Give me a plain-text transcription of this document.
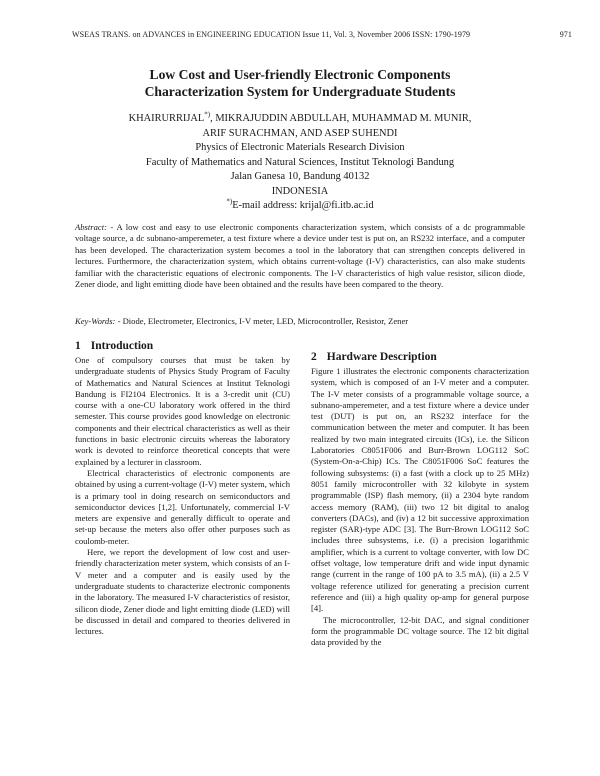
WSEAS TRANS. on ADVANCES in ENGINEERING EDUCATION Issue 11, Vol. 3, November 2006 ISSN: 1790-1979	971
Low Cost and User-friendly Electronic Components
Characterization System for Undergraduate Students
KHAIRURRIJAL*), MIKRAJUDDIN ABDULLAH, MUHAMMAD M. MUNIR,
ARIF SURACHMAN, AND ASEP SUHENDI
Physics of Electronic Materials Research Division
Faculty of Mathematics and Natural Sciences, Institut Teknologi Bandung
Jalan Ganesa 10, Bandung 40132
INDONESIA
*)E-mail address: krijal@fi.itb.ac.id
Abstract: - A low cost and easy to use electronic components characterization system, which consists of a dc programmable voltage source, a dc subnano-amperemeter, a test fixture where a device under test is put on, an RS232 interface, and a computer has been developed. The characterization system becomes a tool in the laboratory that can strengthen concepts delivered in lectures. Furthermore, the characterization system, which obtains current-voltage (I-V) characteristics, can also make students familiar with the characteristic equations of electronic components. The I-V characteristics of high value resistor, silicon diode, Zener diode, and light emitting diode have been obtained and the results have been compared to the theory.
Key-Words: - Diode, Electrometer, Electronics, I-V meter, LED, Microcontroller, Resistor, Zener
1 Introduction

One of compulsory courses that must be taken by undergraduate students of Physics Study Program of Faculty of Mathematics and Natural Sciences at Institut Teknologi Bandung is FI2104 Electronics. It is a 3-credit unit (CU) course with a one-CU laboratory work offered in the third semester. This course provides good knowledge on electronic components and their electrical characteristics as well as their functions in basic electronic circuits whereas the laboratory work is devoted to reinforce theoretical concepts that were explained by a lecturer in classroom.

Electrical characteristics of electronic components are obtained by using a current-voltage (I-V) meter system, which is a primary tool in doing research on semiconductors and semiconductor devices [1,2]. Unfortunately, commercial I-V meters are expensive and generally difficult to operate and set-up because the meters also offer other purposes such as coulomb-meter.

Here, we report the development of low cost and user-friendly characterization meter system, which consists of an I-V meter and a computer and is easily used by the undergraduate students to characterize electronic components in the laboratory. The measured I-V characteristics of resistor, silicon diode, Zener diode and light emitting diode (LED) will be discussed in detail and compared to theories delivered in lectures.

2 Hardware Description

Figure 1 illustrates the electronic components characterization system, which is composed of an I-V meter and a computer. The I-V meter consists of a programmable voltage source, a subnano-amperemeter, and a test fixture where a device under test (DUT) is put on, an RS232 interface for the communication between the meter and computer. It has been realized by two main integrated circuits (ICs), i.e. the Silicon Laboratories C8051F006 and Burr-Brown LOG112 SoC (System-On-a-Chip) ICs. The C8051F006 SoC features the following subsystems: (i) a fast (with a clock up to 25 MHz) 8051 family microcontroller with 32 kilobyte in system programmable (ISP) flash memory, (ii) a 2304 byte random access memory (RAM), (iii) two 12 bit digital to analog converters (DACs), and (iv) a 12 bit successive approximation register (SAR)-type ADC [3]. The Burr-Brown LOG112 SoC includes three subsystems, i.e. (i) a precision logarithmic amplifier, which is a current to voltage converter, with low DC offset voltage, low temperature drift and wide input dynamic range (current in the range of 100 pA to 3.5 mA), (ii) a 2.5 V voltage reference utilized for generating a precision current reference and (iii) a high quality op-amp for general purpose [4].

The microcontroller, 12-bit DAC, and signal conditioner form the programmable DC voltage source. The 12 bit digital data provided by the
